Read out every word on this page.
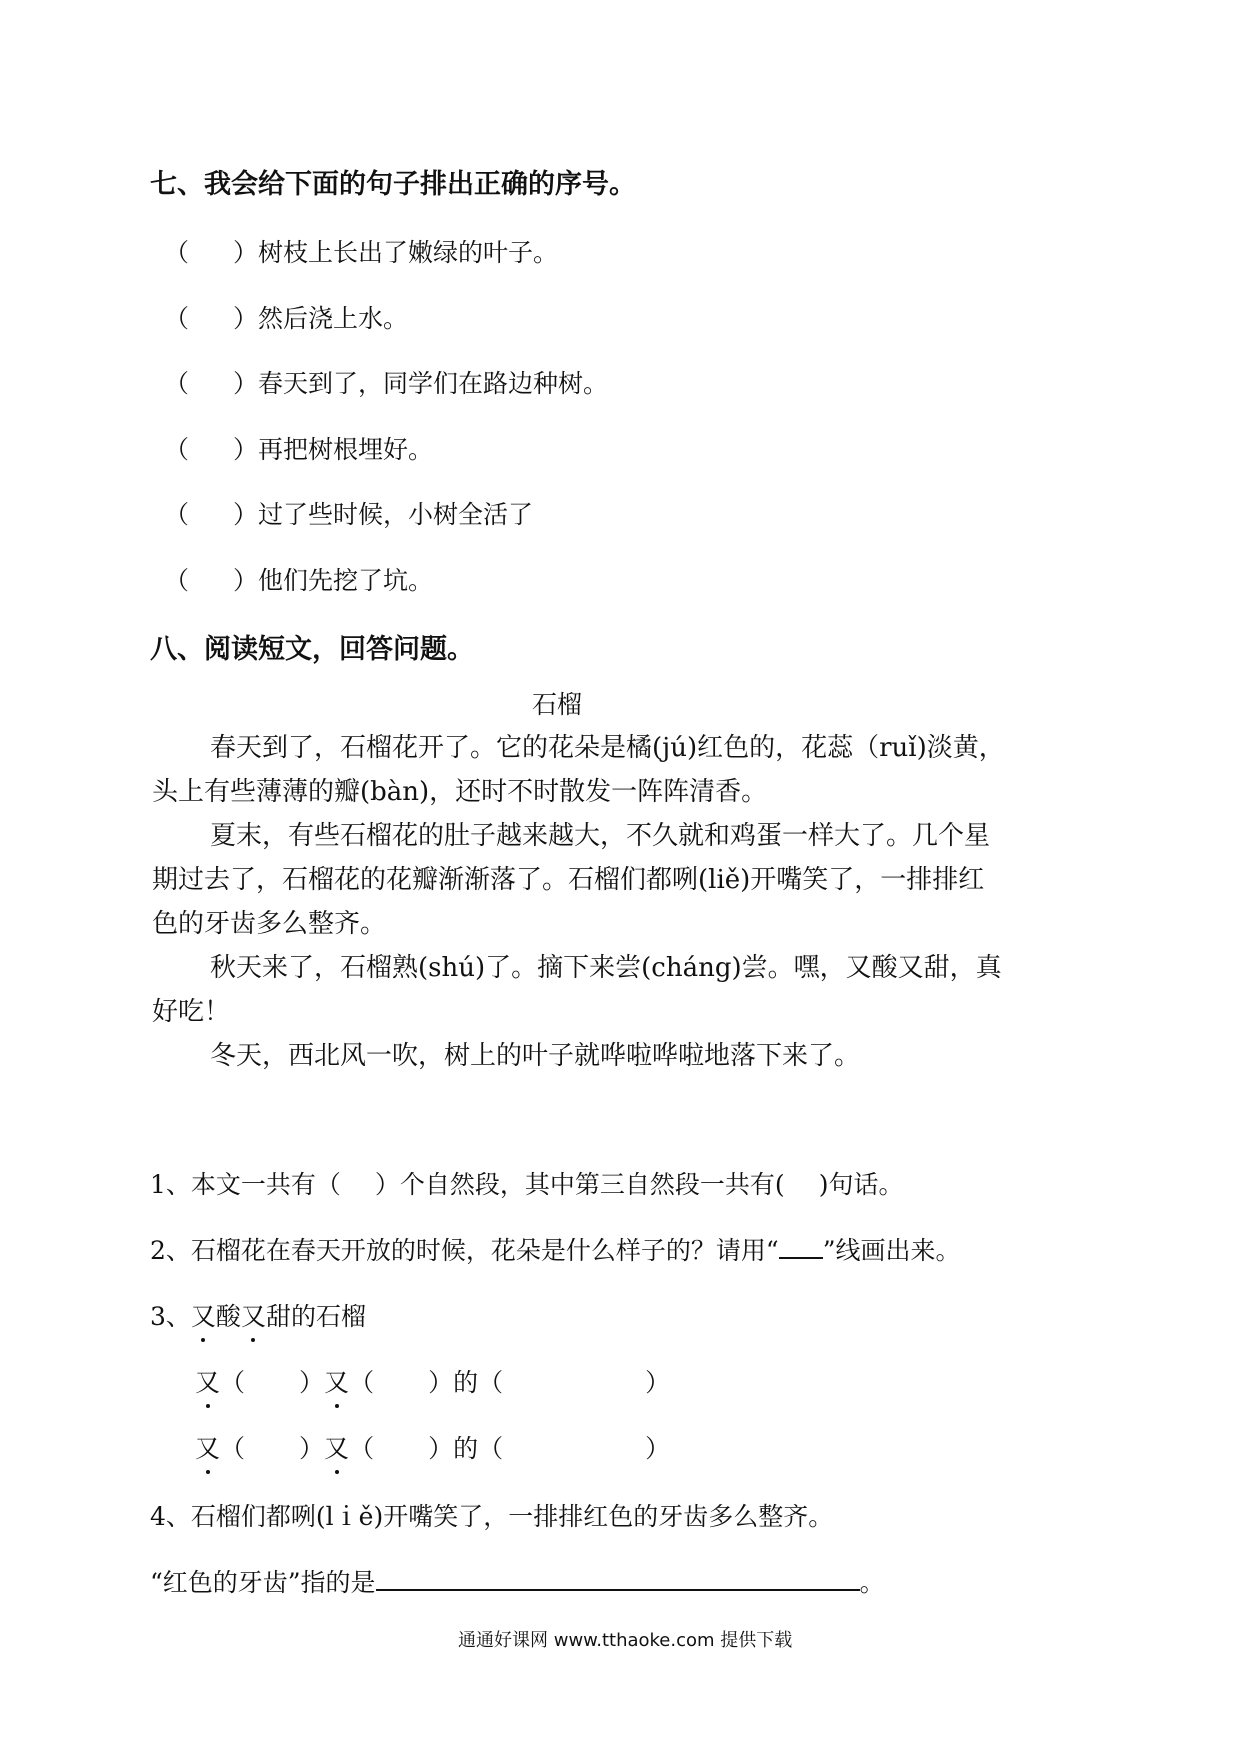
七、我会给下面的句子排出正确的序号。
（ ）树枝上长出了嫩绿的叶子。
（ ）然后浇上水。
（ ）春天到了，同学们在路边种树。
（ ）再把树根埋好。
（ ）过了些时候，小树全活了
（ ）他们先挖了坑。
八、阅读短文，回答问题。
石榴
春天到了，石榴花开了。它的花朵是橘(jú)红色的，花蕊（ruǐ)淡黄，
头上有些薄薄的瓣(bàn)，还时不时散发一阵阵清香。
夏末，有些石榴花的肚子越来越大，不久就和鸡蛋一样大了。几个星
期过去了，石榴花的花瓣渐渐落了。石榴们都咧(liě)开嘴笑了，一排排红
色的牙齿多么整齐。
秋天来了，石榴熟(shú)了。摘下来尝(cháng)尝。嘿，又酸又甜，真
好吃！
冬天，西北风一吹，树上的叶子就哗啦哗啦地落下来了。
1、本文一共有（ ）个自然段，其中第三自然段一共有( )句话。
2、石榴花在春天开放的时候，花朵是什么样子的？请用“ ”线画出来。
3、又酸又甜的石榴
又（ ）又（ ）的（	）
又（ ）又（ ）的（	）
4、石榴们都咧(lｉě)开嘴笑了，一排排红色的牙齿多么整齐。
“红色的牙齿”指的是	。
通通好课网 www.tthaoke.com 提供下载
